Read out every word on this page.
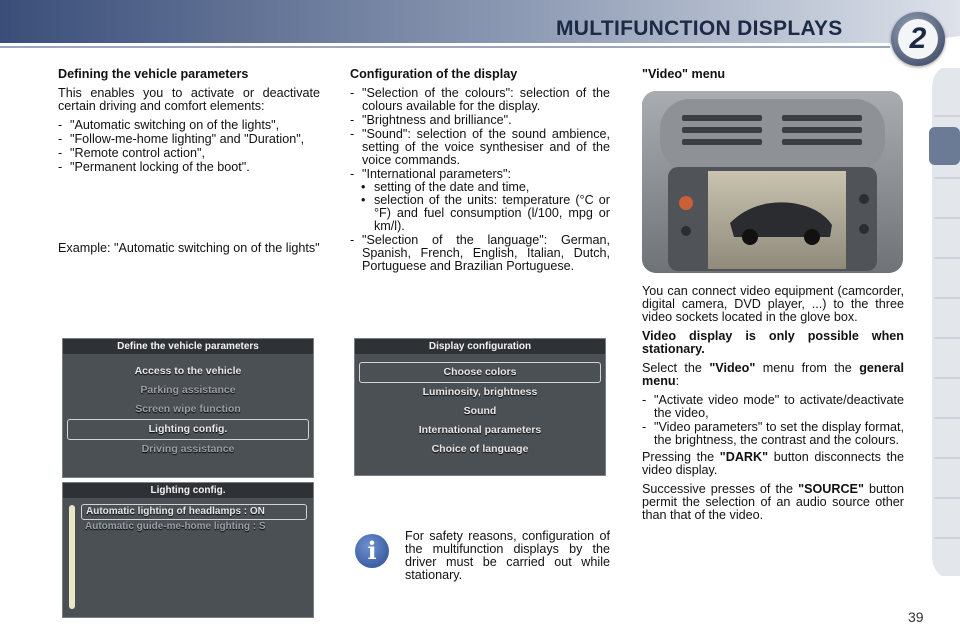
MULTIFUNCTION DISPLAYS	2
Defining the vehicle parameters

This enables you to activate or deactivate certain driving and comfort elements:

- "Automatic switching on of the lights",
- "Follow-me-home lighting" and "Duration",
- "Remote control action",
- "Permanent locking of the boot".

Example: "Automatic switching on of the lights"

Define the vehicle parameters
Access to the vehicle
Parking assistance
Screen wipe function
Lighting config.
Driving assistance
Lighting config.
Automatic lighting of headlamps : ON
Automatic guide-me-home lighting : S
Configuration of the display
- "Selection of the colours": selection of the colours available for the display.
- "Brightness and brilliance".
- "Sound": selection of the sound ambience, setting of the voice synthesiser and of the voice commands.
- "International parameters":
• setting of the date and time,
• selection of the units: temperature (°C or °F) and fuel consumption (l/100, mpg or km/l).
- "Selection of the language": German, Spanish, French, English, Italian, Dutch, Portuguese and Brazilian Portuguese.
Display configuration
Choose colors
Luminosity, brightness
Sound
International parameters
Choice of language
i	For safety reasons, configuration of the multifunction displays by the driver must be carried out while stationary.

"Video" menu

You can connect video equipment (camcorder, digital camera, DVD player, ...) to the three video sockets located in the glove box.

Video display is only possible when stationary.

Select the "Video" menu from the general menu:

- "Activate video mode" to activate/deactivate the video,
- "Video parameters" to set the display format, the brightness, the contrast and the colours.

Pressing the "DARK" button disconnects the video display.

Successive presses of the "SOURCE" button permit the selection of an audio source other than that of the video.

39
